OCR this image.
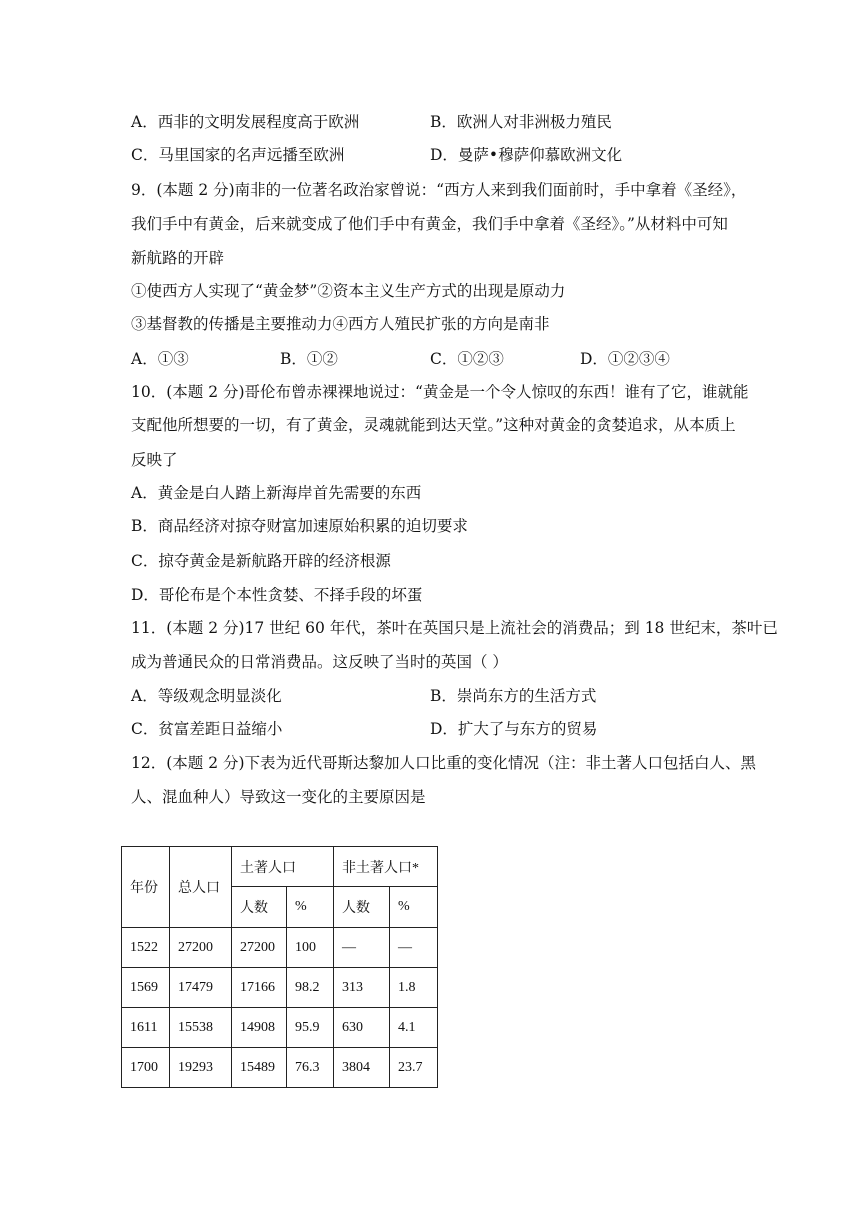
A．西非的文明发展程度高于欧洲	B．欧洲人对非洲极力殖民
C．马里国家的名声远播至欧洲	D．曼萨•穆萨仰慕欧洲文化
9．(本题 2 分)南非的一位著名政治家曾说：“西方人来到我们面前时，手中拿着《圣经》，
我们手中有黄金，后来就变成了他们手中有黄金，我们手中拿着《圣经》。”从材料中可知
新航路的开辟
①使西方人实现了“黄金梦”②资本主义生产方式的出现是原动力
③基督教的传播是主要推动力④西方人殖民扩张的方向是南非
A．①③	B．①②	C．①②③	D．①②③④
10．(本题 2 分)哥伦布曾赤裸裸地说过：“黄金是一个令人惊叹的东西！谁有了它，谁就能
支配他所想要的一切，有了黄金，灵魂就能到达天堂。”这种对黄金的贪婪追求，从本质上
反映了
A．黄金是白人踏上新海岸首先需要的东西
B．商品经济对掠夺财富加速原始积累的迫切要求
C．掠夺黄金是新航路开辟的经济根源
D．哥伦布是个本性贪婪、不择手段的坏蛋
11．(本题 2 分)17 世纪 60 年代，茶叶在英国只是上流社会的消费品；到 18 世纪末，茶叶已
成为普通民众的日常消费品。这反映了当时的英国（ ）
A．等级观念明显淡化	B．崇尚东方的生活方式
C．贫富差距日益缩小	D．扩大了与东方的贸易
12．(本题 2 分)下表为近代哥斯达黎加人口比重的变化情况（注：非土著人口包括白人、黑
人、混血种人）导致这一变化的主要原因是
年份	总人口	土著人口		非土著人口*	
		人数	%	人数	%
1522	27200	27200	100	—	—
1569	17479	17166	98.2	313	1.8
1611	15538	14908	95.9	630	4.1
1700	19293	15489	76.3	3804	23.7
